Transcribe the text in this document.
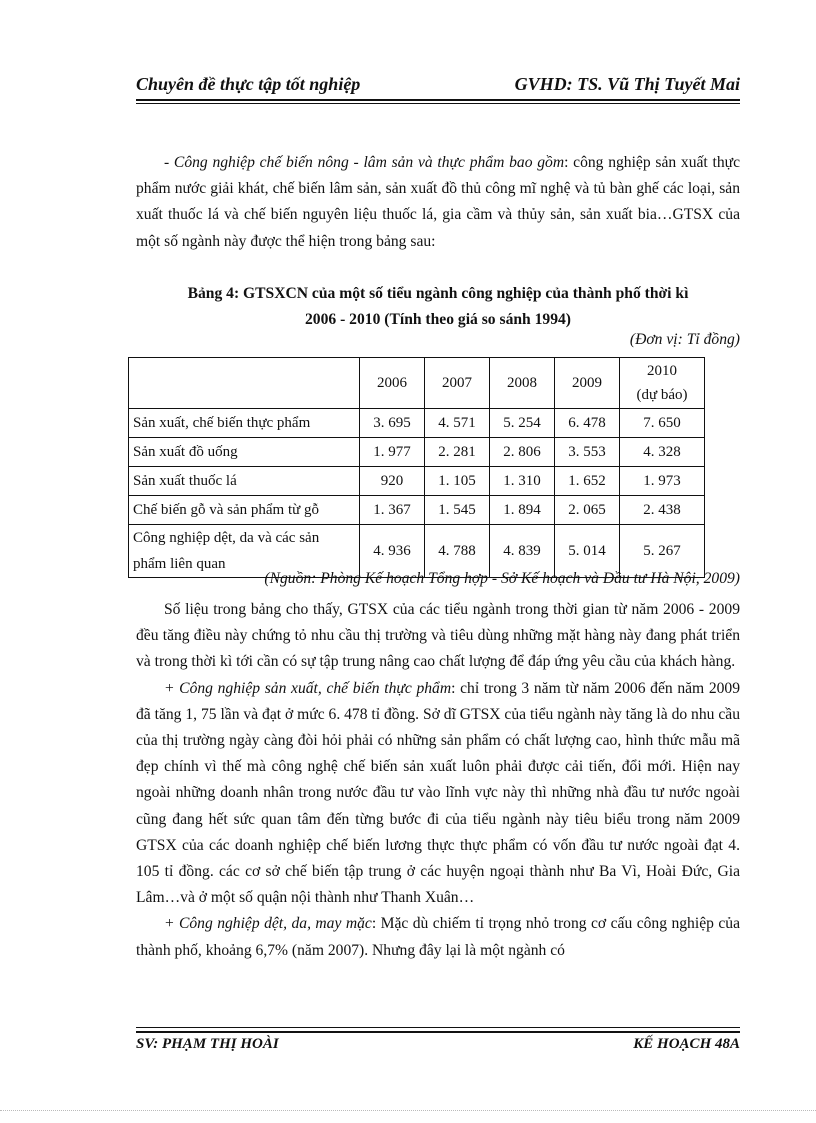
Chuyên đề thực tập tốt nghiệp	GVHD: TS. Vũ Thị Tuyết Mai

- Công nghiệp chế biến nông - lâm sản và thực phẩm bao gồm: công nghiệp sản xuất thực phẩm nước giải khát, chế biến lâm sản, sản xuất đồ thủ công mĩ nghệ và tủ bàn ghế các loại, sản xuất thuốc lá và chế biến nguyên liệu thuốc lá, gia cầm và thủy sản, sản xuất bia…GTSX của một số ngành này được thể hiện trong bảng sau:

Bảng 4: GTSXCN của một số tiểu ngành công nghiệp của thành phố thời kì
2006 - 2010 (Tính theo giá so sánh 1994)
(Đơn vị: Tỉ đồng)
	2006	2007	2008	2009	2010
(dự báo)

Sản xuất, chế biến thực phẩm	3. 695	4. 571	5. 254	6. 478	7. 650
Sản xuất đồ uống	1. 977	2. 281	2. 806	3. 553	4. 328
Sản xuất thuốc lá	920	1. 105	1. 310	1. 652	1. 973
Chế biến gỗ và sản phẩm từ gỗ	1. 367	1. 545	1. 894	2. 065	2. 438
Công nghiệp dệt, da và các sản phẩm liên quan	4. 936	4. 788	4. 839	5. 014	5. 267
(Nguồn: Phòng Kế hoạch Tổng hợp - Sở Kế hoạch và Đầu tư Hà Nội, 2009)

Số liệu trong bảng cho thấy, GTSX của các tiểu ngành trong thời gian từ năm 2006 - 2009 đều tăng điều này chứng tỏ nhu cầu thị trường và tiêu dùng những mặt hàng này đang phát triển và trong thời kì tới cần có sự tập trung nâng cao chất lượng để đáp ứng yêu cầu của khách hàng.

+ Công nghiệp sản xuất, chế biến thực phẩm: chỉ trong 3 năm từ năm 2006 đến năm 2009 đã tăng 1, 75 lần và đạt ở mức 6. 478 tỉ đồng. Sở dĩ GTSX của tiểu ngành này tăng là do nhu cầu của thị trường ngày càng đòi hỏi phải có những sản phẩm có chất lượng cao, hình thức mẫu mã đẹp chính vì thế mà công nghệ chế biến sản xuất luôn phải được cải tiến, đổi mới. Hiện nay ngoài những doanh nhân trong nước đầu tư vào lĩnh vực này thì những nhà đầu tư nước ngoài cũng đang hết sức quan tâm đến từng bước đi của tiểu ngành này tiêu biểu trong năm 2009 GTSX của các doanh nghiệp chế biến lương thực thực phẩm có vốn đầu tư nước ngoài đạt 4. 105 tỉ đồng. các cơ sở chế biến tập trung ở các huyện ngoại thành như Ba Vì, Hoài Đức, Gia Lâm…và ở một số quận nội thành như Thanh Xuân…

+ Công nghiệp dệt, da, may mặc: Mặc dù chiếm tỉ trọng nhỏ trong cơ cấu công nghiệp của thành phố, khoảng 6,7% (năm 2007). Nhưng đây lại là một ngành có

SV: PHẠM THỊ HOÀI	KẾ HOẠCH 48A
